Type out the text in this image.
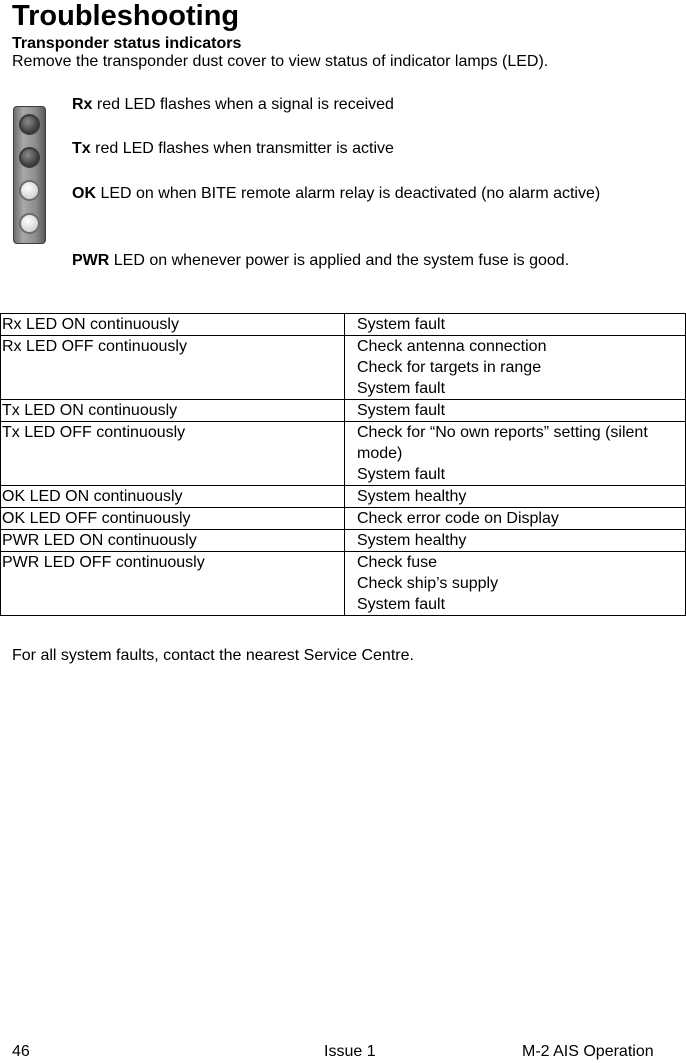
Troubleshooting
Transponder status indicators
Remove the transponder dust cover to view status of indicator lamps (LED).
Rx red LED flashes when a signal is received
Tx red LED flashes when transmitter is active
OK LED on when BITE remote alarm relay is deactivated (no alarm active)
PWR LED on whenever power is applied and the system fuse is good.
Rx LED ON continuously	System fault

Rx LED OFF continuously	Check antenna connection
Check for targets in range
System fault

Tx LED ON continuously	System fault

Tx LED OFF continuously	Check for “No own reports” setting (silent mode)
System fault

OK LED ON continuously	System healthy

OK LED OFF continuously	Check error code on Display

PWR LED ON continuously	System healthy

PWR LED OFF continuously	Check fuse
Check ship’s supply
System fault
For all system faults, contact the nearest Service Centre.
46	Issue 1	M-2 AIS Operation
